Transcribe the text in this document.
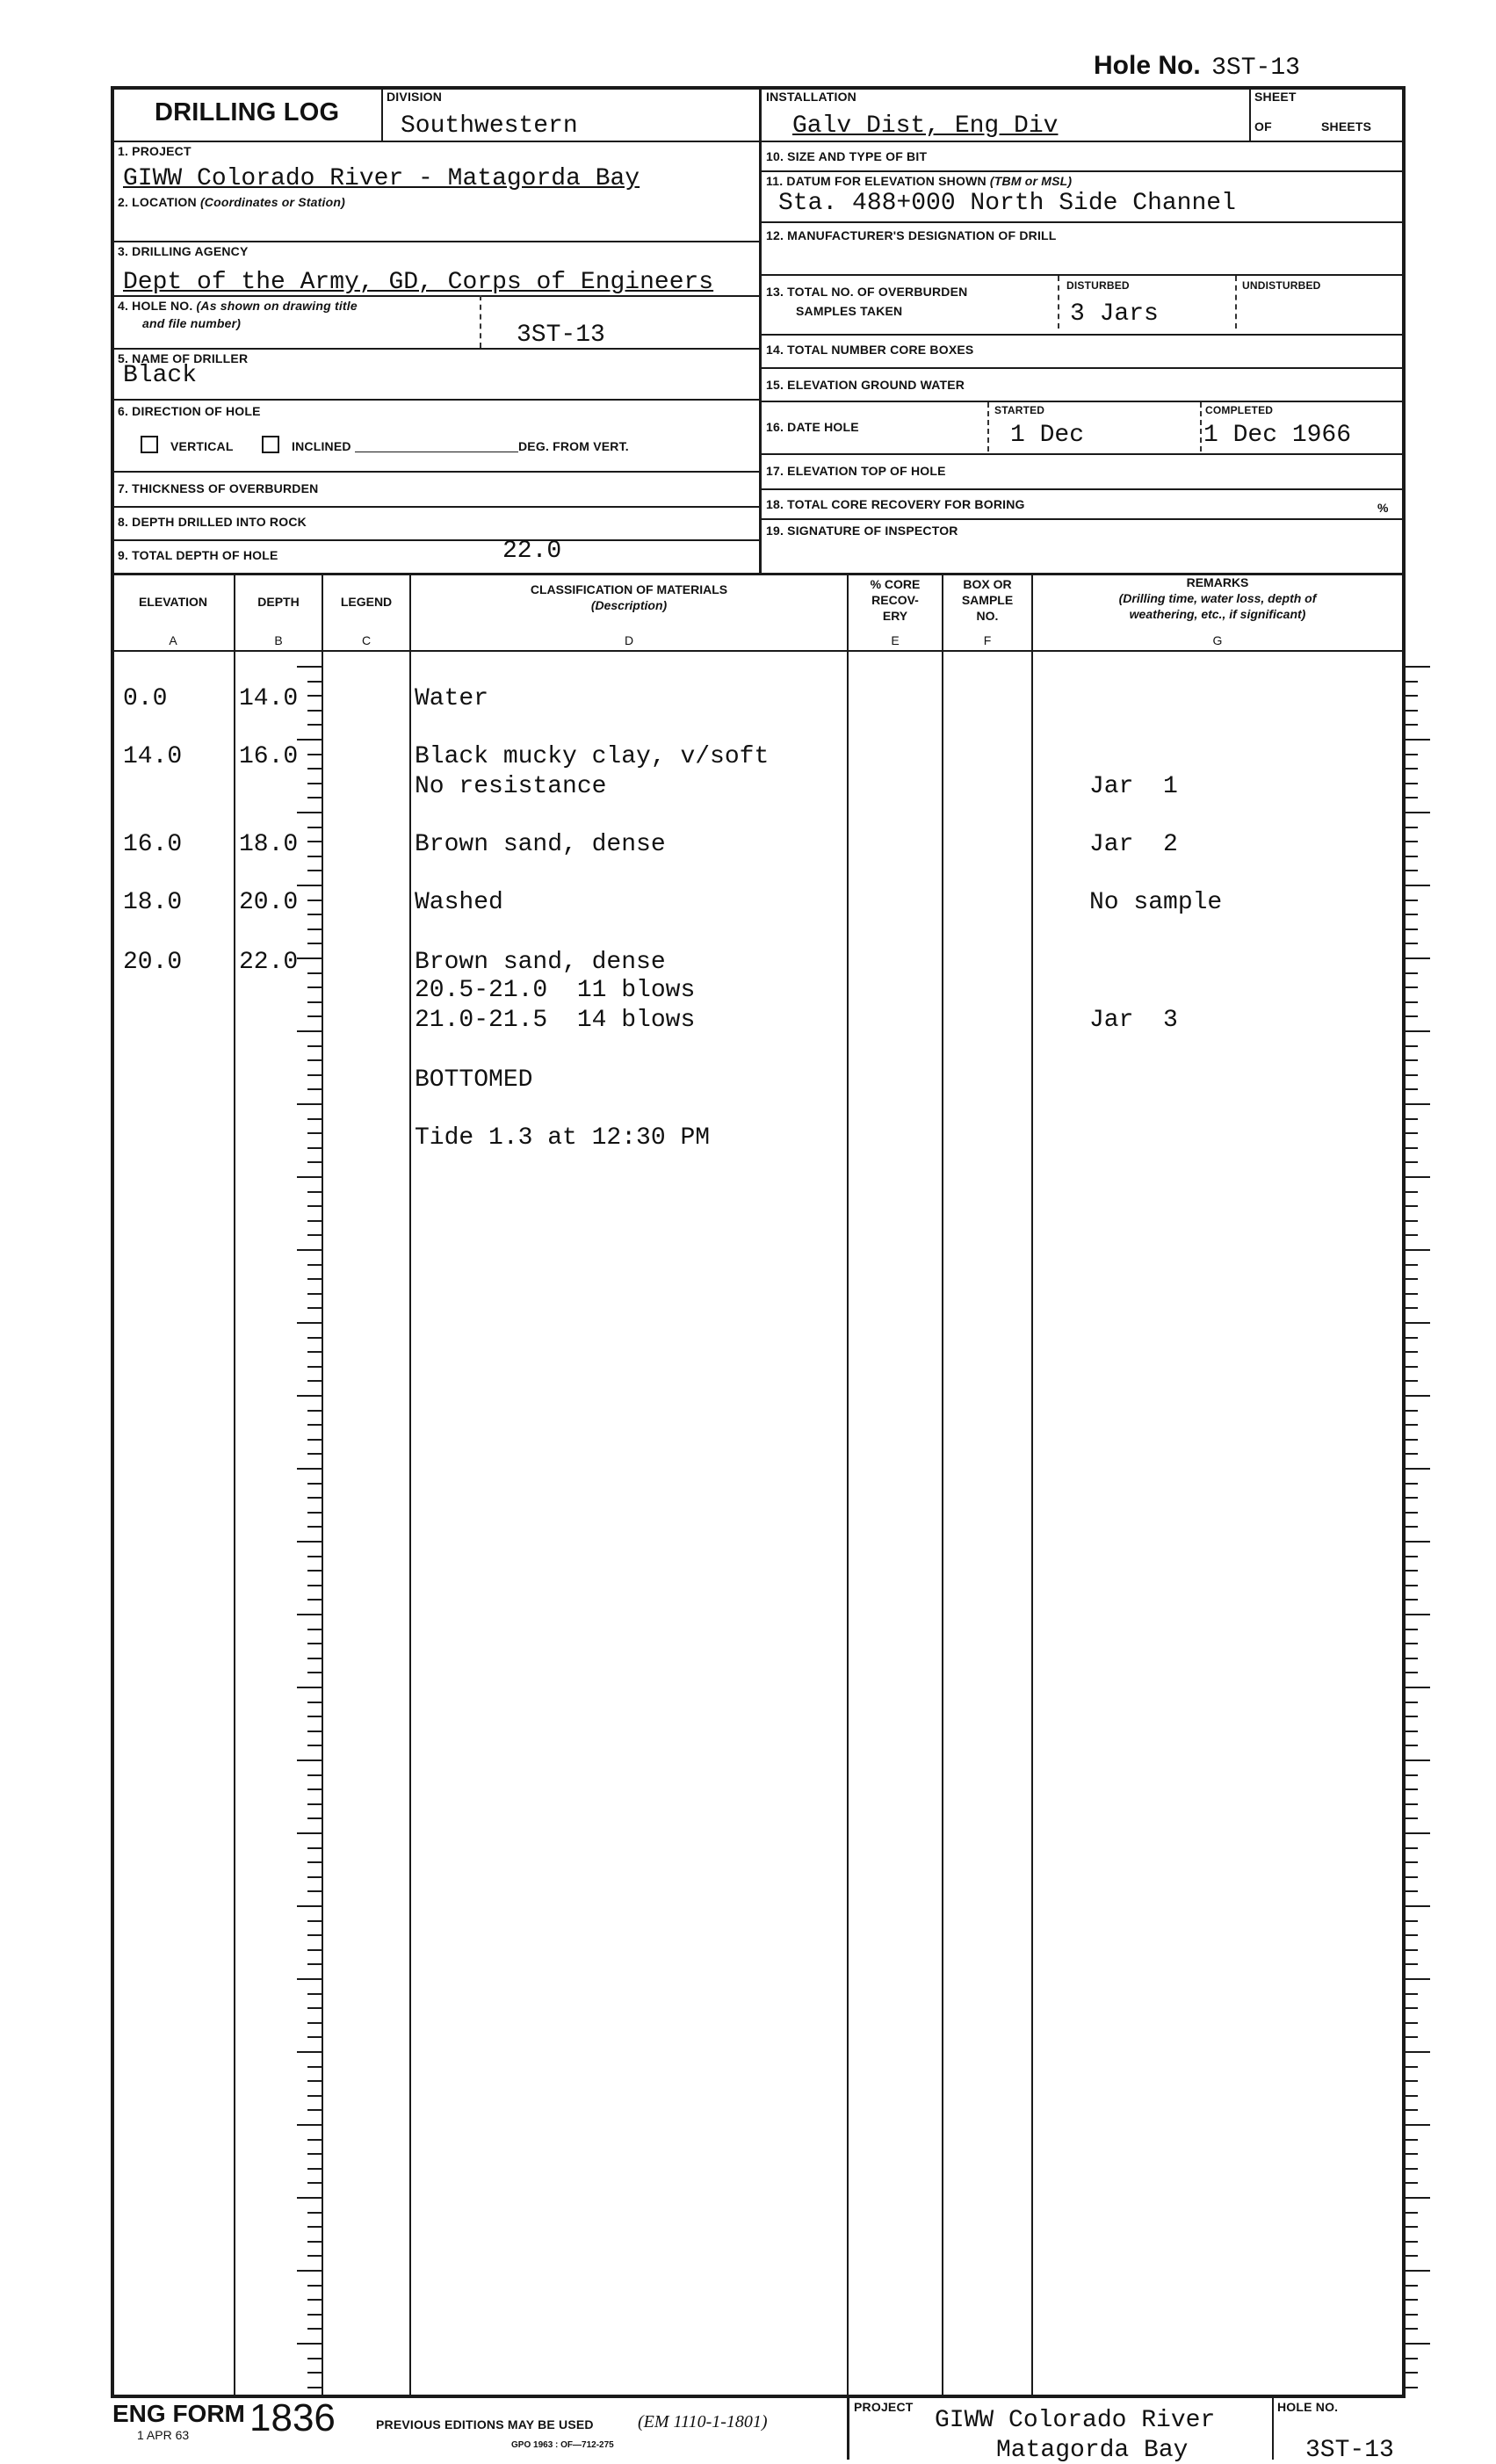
Hole No. 3ST-13
DRILLING LOG
DIVISION
Southwestern
1. PROJECT
GIWW Colorado River - Matagorda Bay
2. LOCATION (Coordinates or Station)
3. DRILLING AGENCY
Dept of the Army, GD, Corps of Engineers
4. HOLE NO. (As shown on drawing title
and file number)	3ST-13
5. NAME OF DRILLER
Black
6. DIRECTION OF HOLE
VERTICAL	INCLINED	DEG. FROM VERT.
7. THICKNESS OF OVERBURDEN
8. DEPTH DRILLED INTO ROCK
9. TOTAL DEPTH OF HOLE	22.0
INSTALLATION
Galv Dist, Eng Div
SHEET
OF	SHEETS
10. SIZE AND TYPE OF BIT
11. DATUM FOR ELEVATION SHOWN (TBM or MSL)
Sta. 488+000 North Side Channel
12. MANUFACTURER'S DESIGNATION OF DRILL
13. TOTAL NO. OF OVERBURDEN
SAMPLES TAKEN
DISTURBED	UNDISTURBED
3 Jars
14. TOTAL NUMBER CORE BOXES
15. ELEVATION GROUND WATER
16. DATE HOLE
STARTED	COMPLETED
1 Dec	1 Dec 1966
17. ELEVATION TOP OF HOLE
18. TOTAL CORE RECOVERY FOR BORING	%
19. SIGNATURE OF INSPECTOR
ELEVATION
A
DEPTH
B
LEGEND
C
CLASSIFICATION OF MATERIALS
(Description)
D
% CORE
RECOV-
ERY
E
BOX OR
SAMPLE
NO.
F
REMARKS
(Drilling time, water loss, depth of
weathering, etc., if significant)
G
0.0	14.0	Water
14.0 16.0	Black mucky clay, v/soft
No resistance	Jar  1
16.0 18.0	Brown sand, dense	Jar  2
18.0 20.0	Washed	No sample
20.0 22.0	Brown sand, dense
20.5-21.0  11 blows
21.0-21.5  14 blows	Jar  3
BOTTOMED
Tide 1.3 at 12:30 PM
ENG FORM
1 APR 63 1836	PREVIOUS EDITIONS MAY BE USED	(EM 1110-1-1801)
GPO 1963 : OF—712-275
PROJECT GIWW Colorado River
Matagorda Bay
HOLE NO.
3ST-13
